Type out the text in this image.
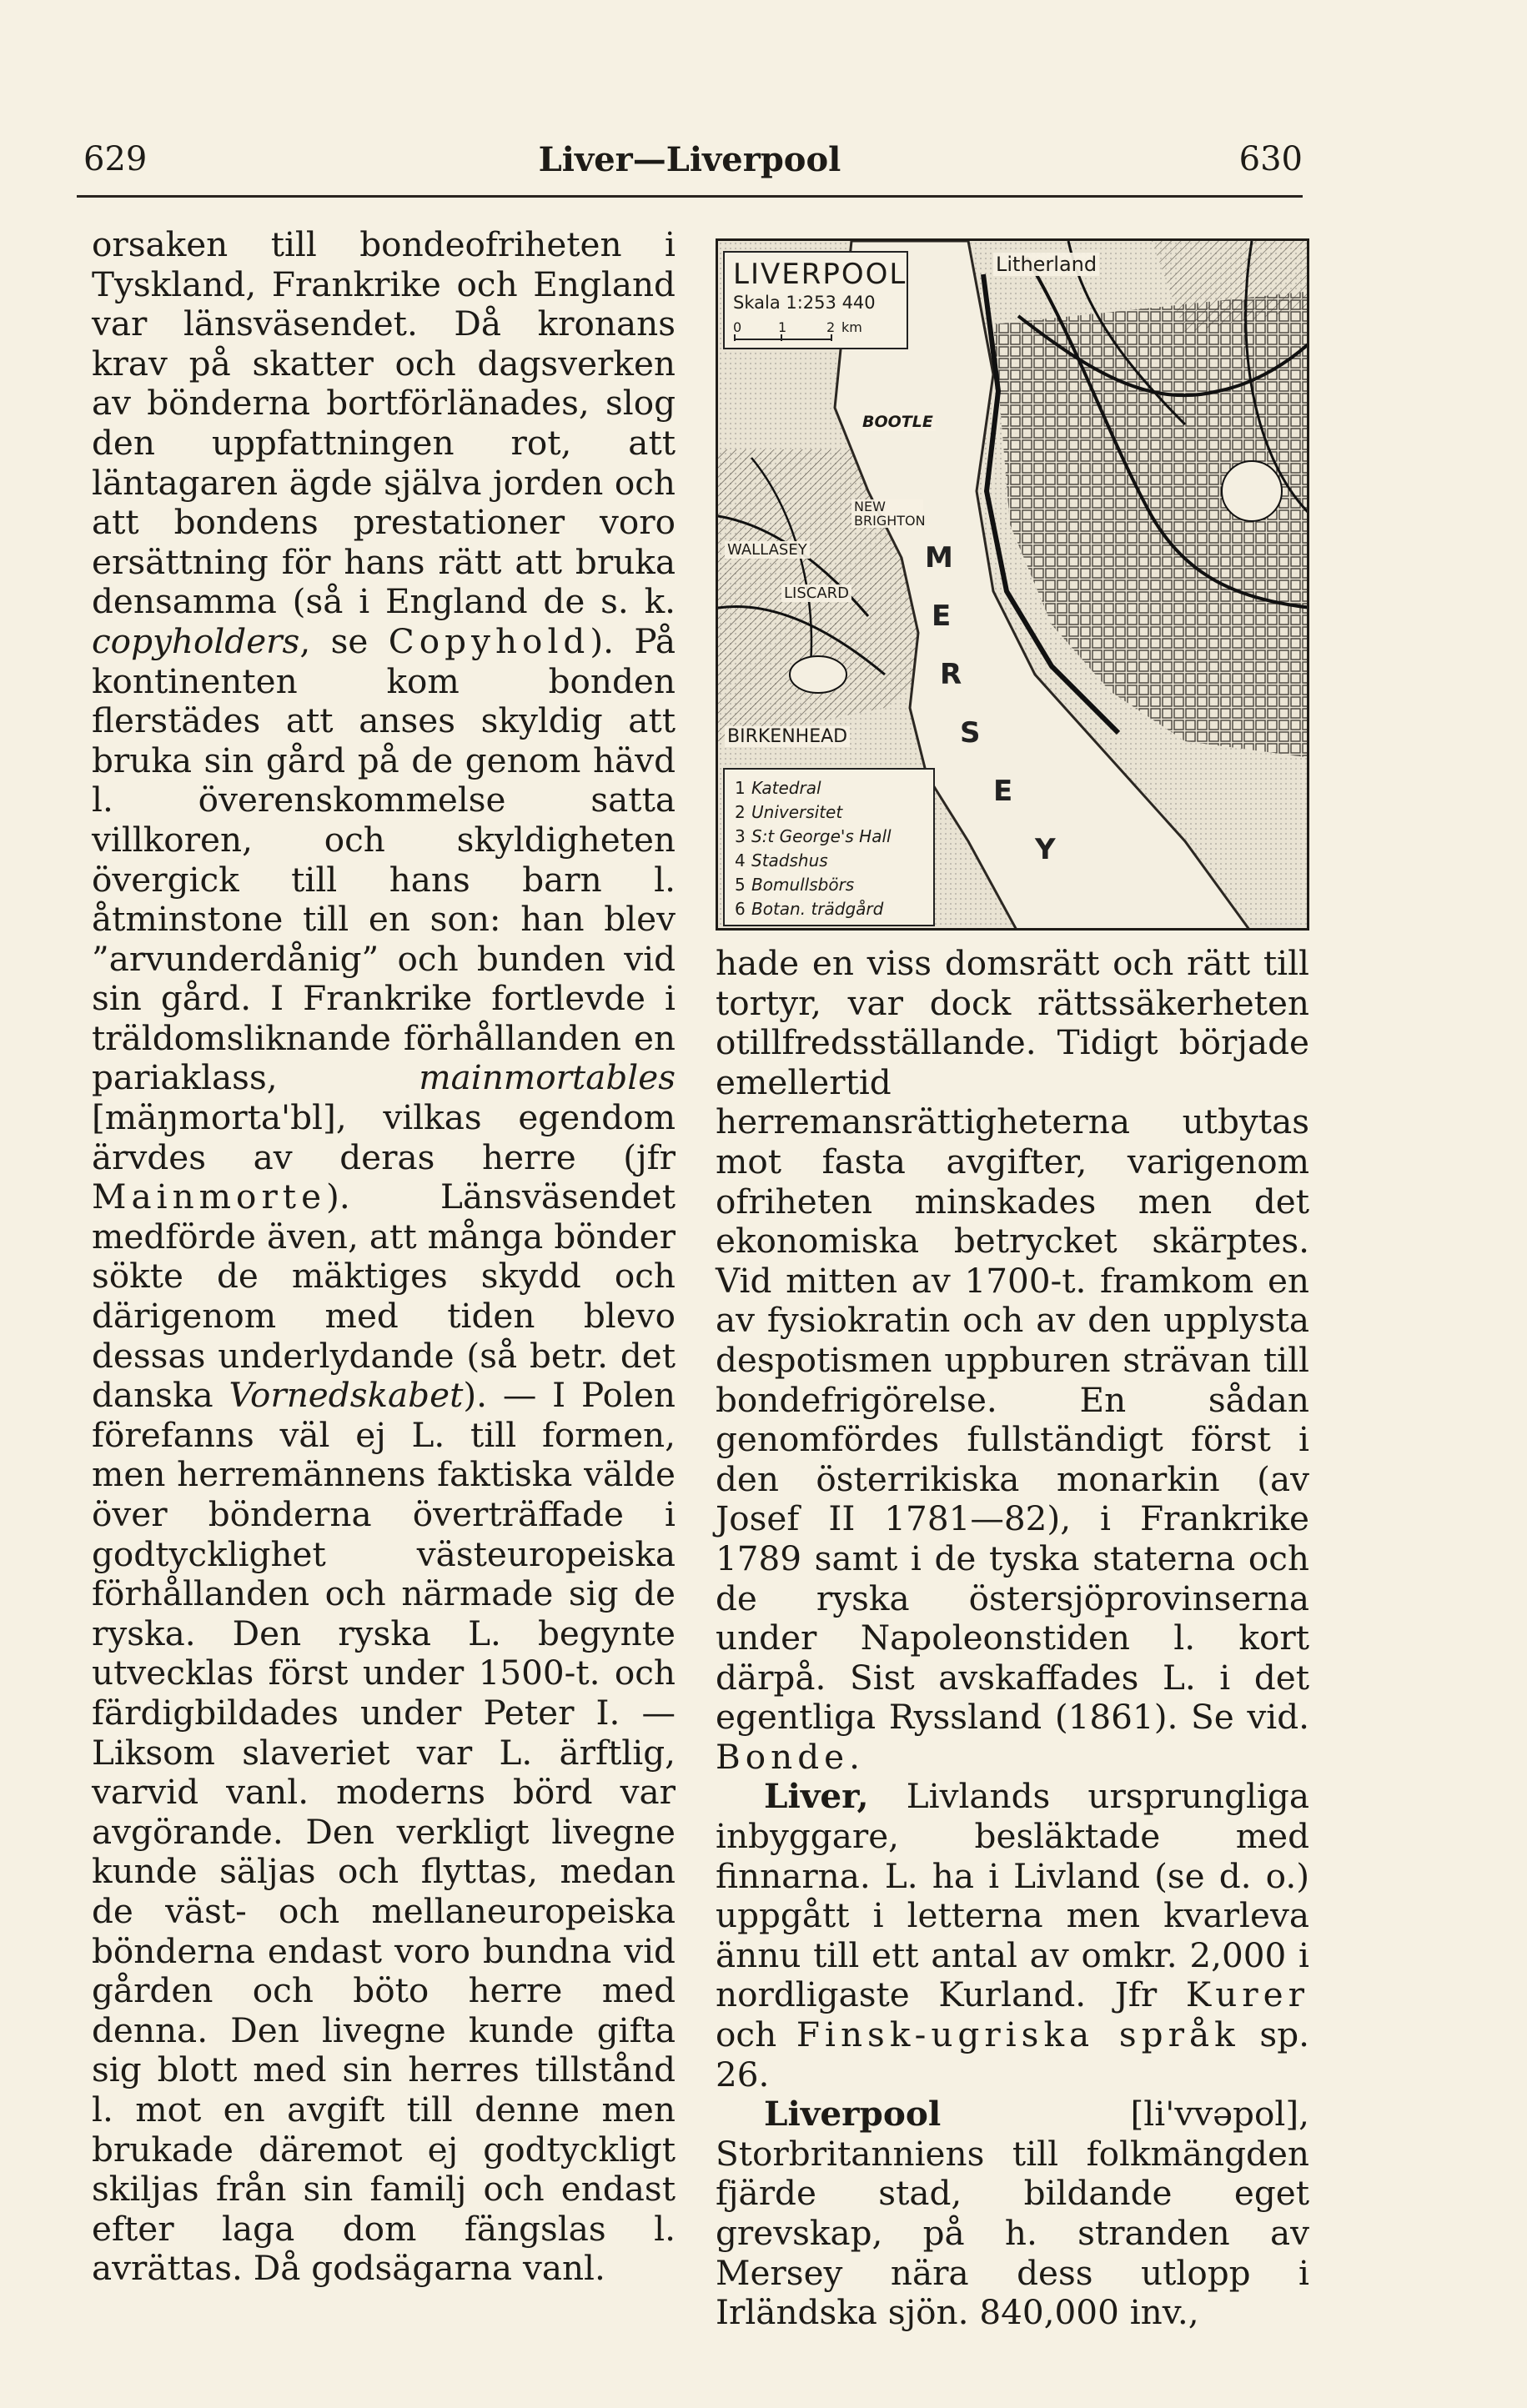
629	Liver—Liverpool	630

orsaken till bondeofriheten i Tyskland, Frankrike och England var länsväsendet. Då kronans krav på skatter och dagsverken av bönderna bortförlänades, slog den uppfattningen rot, att läntagaren ägde själva jorden och att bondens prestationer voro ersättning för hans rätt att bruka densamma (så i England de s. k. copyholders, se Copyhold). På kontinenten kom bonden flerstädes att anses skyldig att bruka sin gård på de genom hävd l. överenskommelse satta villkoren, och skyldigheten övergick till hans barn l. åtminstone till en son: han blev ”arvunderdånig” och bunden vid sin gård. I Frankrike fortlevde i träldomsliknande förhållanden en pariaklass, mainmortables [mäŋmorta'bl], vilkas egendom ärvdes av deras herre (jfr Mainmorte). Länsväsendet medförde även, att många bönder sökte de mäktiges skydd och därigenom med tiden blevo dessas underlydande (så betr. det danska Vornedskabet). — I Polen förefanns väl ej L. till formen, men herremännens faktiska välde över bönderna överträffade i godtycklighet västeuropeiska förhållanden och närmade sig de ryska. Den ryska L. begynte utvecklas först under 1500-t. och färdigbildades under Peter I. — Liksom slaveriet var L. ärftlig, varvid vanl. moderns börd var avgörande. Den verkligt livegne kunde säljas och flyttas, medan de väst- och mellaneuropeiska bönderna endast voro bundna vid gården och böto herre med denna. Den livegne kunde gifta sig blott med sin herres tillstånd l. mot en avgift till denne men brukade däremot ej godtyckligt skiljas från sin familj och endast efter laga dom fängslas l. avrättas. Då godsägarna vanl.

LIVERPOOL
Skala 1:253 440
0	1	2 km
Litherland
BOOTLE
NEW BRIGHTON
WALLASEY
LISCARD
BIRKENHEAD
M
E
R
S
E
Y
1 Katedral
2 Universitet
3 S:t George's Hall
4 Stadshus
5 Bomullsbörs
6 Botan. trädgård

hade en viss domsrätt och rätt till tortyr, var dock rättssäkerheten otillfredsställande. Tidigt började emellertid herremansrättigheterna utbytas mot fasta avgifter, varigenom ofriheten minskades men det ekonomiska betrycket skärptes. Vid mitten av 1700-t. framkom en av fysiokratin och av den upplysta despotismen uppburen strävan till bondefrigörelse. En sådan genomfördes fullständigt först i den österrikiska monarkin (av Josef II 1781—82), i Frankrike 1789 samt i de tyska staterna och de ryska östersjöprovinserna under Napoleonstiden l. kort därpå. Sist avskaffades L. i det egentliga Ryssland (1861). Se vid. Bonde.

Liver, Livlands ursprungliga inbyggare, besläktade med finnarna. L. ha i Livland (se d. o.) uppgått i letterna men kvarleva ännu till ett antal av omkr. 2,000 i nordligaste Kurland. Jfr Kurer och Finsk-ugriska språk sp. 26.

Liverpool [li'vvəpol], Storbritanniens till folkmängden fjärde stad, bildande eget grevskap, på h. stranden av Mersey nära dess utlopp i Irländska sjön. 840,000 inv.,
